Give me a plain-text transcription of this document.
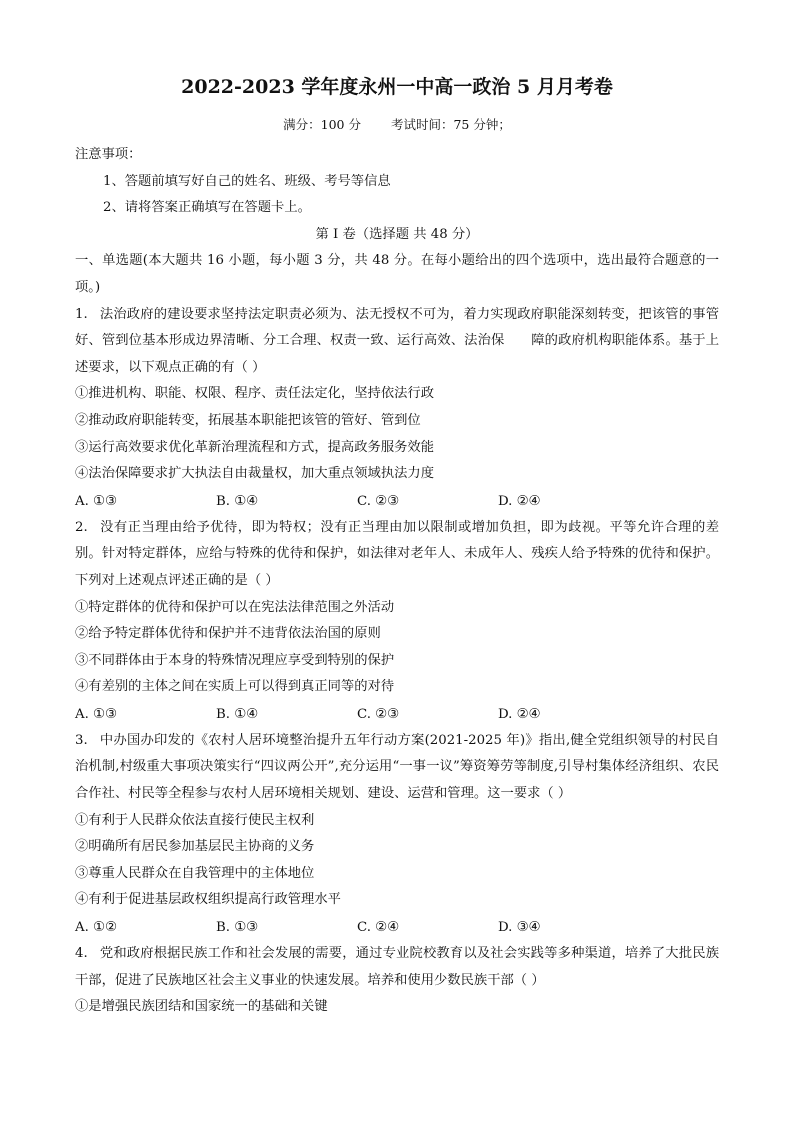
2022-2023 学年度永州一中高一政治 5 月月考卷
满分：100 分 考试时间：75 分钟；
注意事项：
1、答题前填写好自己的姓名、班级、考号等信息
2、请将答案正确填写在答题卡上。
第 I 卷（选择题 共 48 分）
一、单选题(本大题共 16 小题，每小题 3 分，共 48 分。在每小题给出的四个选项中，选出最符合题意的一项。)
1. 法治政府的建设要求坚持法定职责必须为、法无授权不可为，着力实现政府职能深刻转变，把该管的事管好、管到位基本形成边界清晰、分工合理、权责一致、运行高效、法治保　　障的政府机构职能体系。基于上述要求，以下观点正确的有（ ）
①推进机构、职能、权限、程序、责任法定化，坚持依法行政
②推动政府职能转变，拓展基本职能把该管的管好、管到位
③运行高效要求优化革新治理流程和方式，提高政务服务效能
④法治保障要求扩大执法自由裁量权，加大重点领域执法力度
A. ①③	B. ①④	C. ②③	D. ②④
2. 没有正当理由给予优待，即为特权；没有正当理由加以限制或增加负担，即为歧视。平等允许合理的差别。针对特定群体，应给与特殊的优待和保护，如法律对老年人、未成年人、残疾人给予特殊的优待和保护。下列对上述观点评述正确的是（ ）
①特定群体的优待和保护可以在宪法法律范围之外活动
②给予特定群体优待和保护并不违背依法治国的原则
③不同群体由于本身的特殊情况理应享受到特别的保护
④有差别的主体之间在实质上可以得到真正同等的对待
A. ①③	B. ①④	C. ②③	D. ②④
3. 中办国办印发的《农村人居环境整治提升五年行动方案(2021-2025 年)》指出,健全党组织领导的村民自治机制,村级重大事项决策实行“四议两公开”,充分运用“一事一议”筹资筹劳等制度,引导村集体经济组织、农民合作社、村民等全程参与农村人居环境相关规划、建设、运营和管理。这一要求（ ）
①有利于人民群众依法直接行使民主权利
②明确所有居民参加基层民主协商的义务
③尊重人民群众在自我管理中的主体地位
④有利于促进基层政权组织提高行政管理水平
A. ①②	B. ①③	C. ②④	D. ③④
4. 党和政府根据民族工作和社会发展的需要，通过专业院校教育以及社会实践等多种渠道，培养了大批民族干部，促进了民族地区社会主义事业的快速发展。培养和使用少数民族干部（ ）
①是增强民族团结和国家统一的基础和关键
